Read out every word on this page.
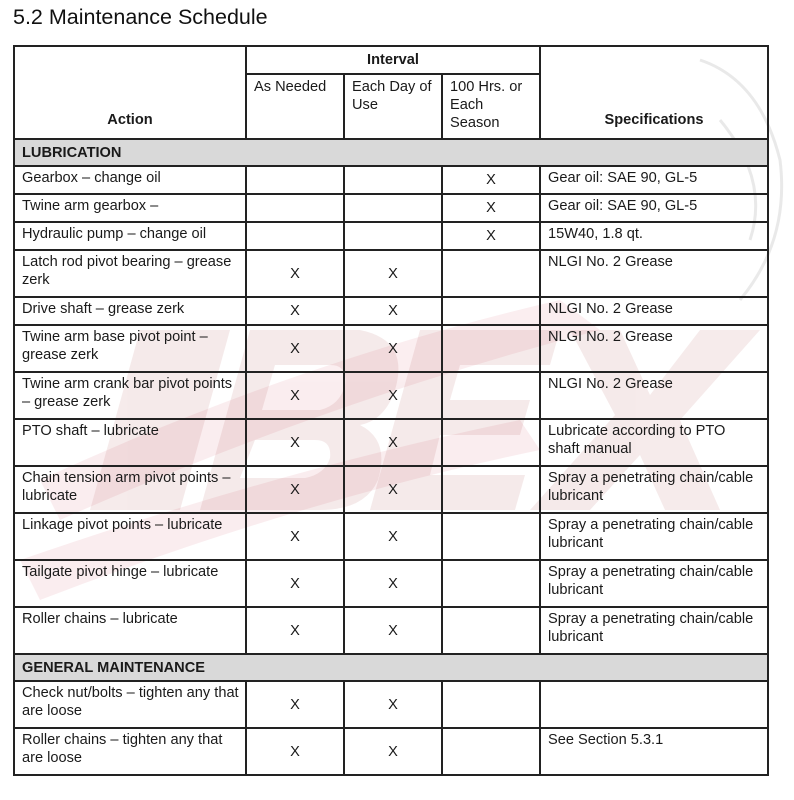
5.2 Maintenance Schedule
Action	Interval			Specifications
	As Needed	Each Day of Use	100 Hrs. or Each Season	
LUBRICATION				
Gearbox – change oil			X	Gear oil: SAE 90, GL-5
Twine arm gearbox –			X	Gear oil: SAE 90, GL-5
Hydraulic pump – change oil			X	15W40, 1.8 qt.
Latch rod pivot bearing – grease zerk	X	X		NLGI No. 2 Grease
Drive shaft – grease zerk	X	X		NLGI No. 2 Grease
Twine arm base pivot point – grease zerk	X	X		NLGI No. 2 Grease
Twine arm crank bar pivot points – grease zerk	X	X		NLGI No. 2 Grease
PTO shaft – lubricate	X	X		Lubricate according to PTO shaft manual
Chain tension arm pivot points – lubricate	X	X		Spray a penetrating chain/cable lubricant
Linkage pivot points – lubricate	X	X		Spray a penetrating chain/cable lubricant
Tailgate pivot hinge – lubricate	X	X		Spray a penetrating chain/cable lubricant
Roller chains – lubricate	X	X		Spray a penetrating chain/cable lubricant
GENERAL MAINTENANCE				
Check nut/bolts – tighten any that are loose	X	X		
Roller chains – tighten any that are loose	X	X		See Section 5.3.1
